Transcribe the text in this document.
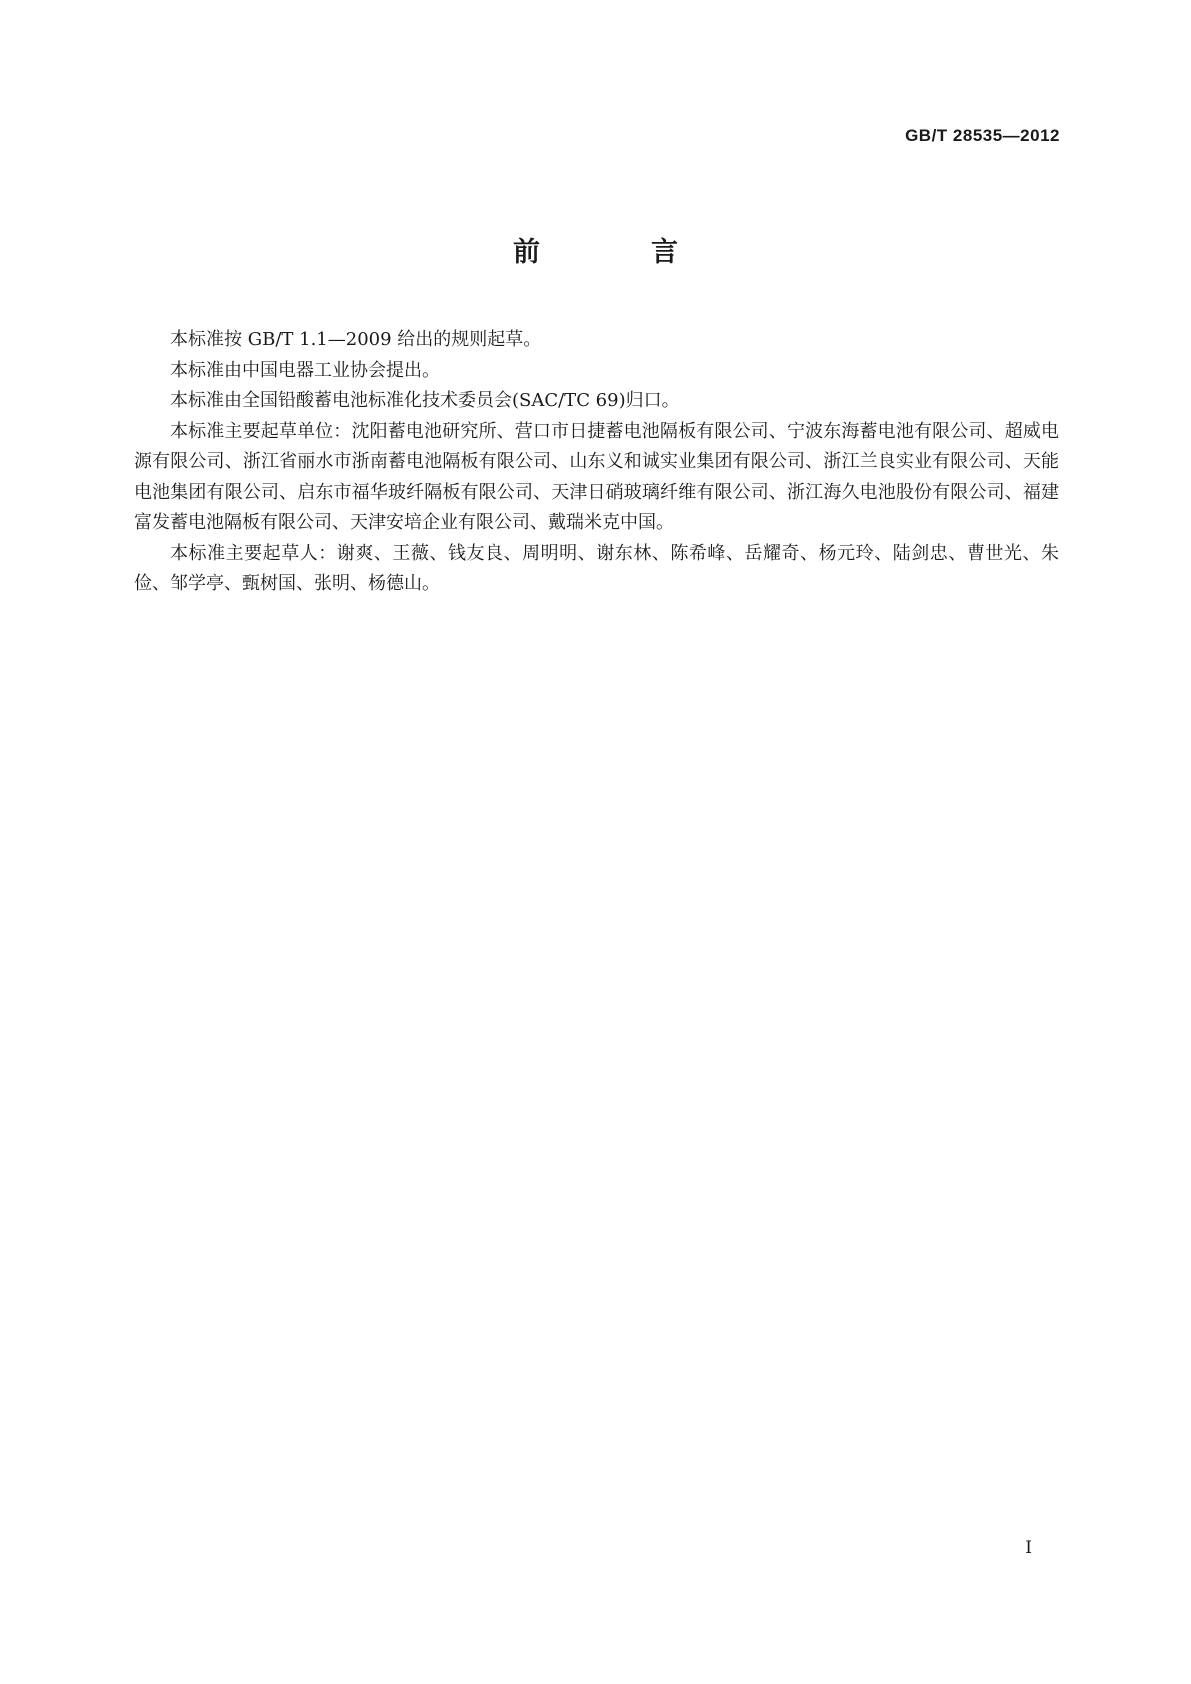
GB/T 28535—2012
前　言

本标准按 GB/T 1.1—2009 给出的规则起草。

本标准由中国电器工业协会提出。

本标准由全国铅酸蓄电池标准化技术委员会(SAC/TC 69)归口。

本标准主要起草单位：沈阳蓄电池研究所、营口市日捷蓄电池隔板有限公司、宁波东海蓄电池有限公司、超威电源有限公司、浙江省丽水市浙南蓄电池隔板有限公司、山东义和诚实业集团有限公司、浙江兰良实业有限公司、天能电池集团有限公司、启东市福华玻纤隔板有限公司、天津日硝玻璃纤维有限公司、浙江海久电池股份有限公司、福建富发蓄电池隔板有限公司、天津安培企业有限公司、戴瑞米克中国。

本标准主要起草人：谢爽、王薇、钱友良、周明明、谢东林、陈希峰、岳耀奇、杨元玲、陆剑忠、曹世光、朱俭、邹学亭、甄树国、张明、杨德山。

I
